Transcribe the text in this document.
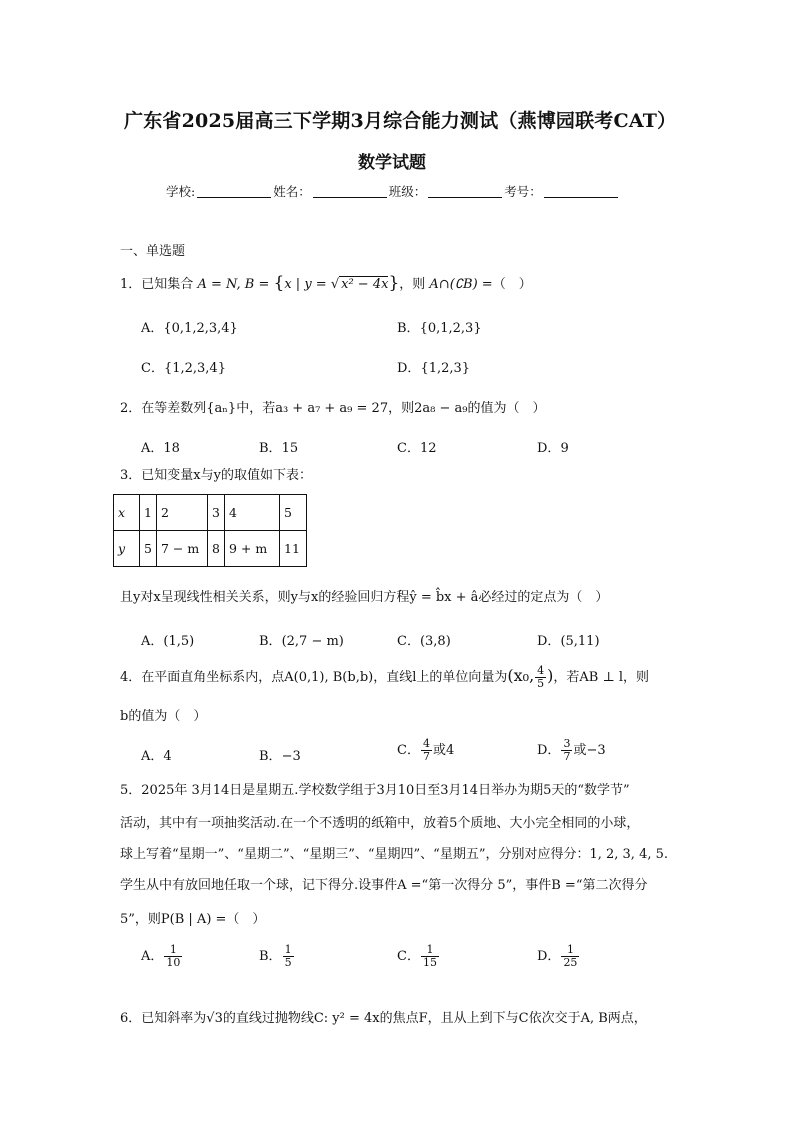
广东省2025届高三下学期3月综合能力测试（燕博园联考CAT）
数学试题
学校:	姓名：	班级：	考号：
一、单选题
1．已知集合 A = N, B = {x | y = √ x² − 4x}，则 A∩(∁B) =（　）
A．{0,1,2,3,4}	B．{0,1,2,3}
C．{1,2,3,4}	D．{1,2,3}
2．在等差数列{aₙ}中，若a₃ + a₇ + a₉ = 27，则2a₈ − a₉的值为（　）
A．18	B．15	C．12	D．9
3．已知变量x与y的取值如下表：
x	1	2	3	4	5
y	5	7 − m	8	9 + m	11
且y对x呈现线性相关关系，则y与x的经验回归方程ŷ = b̂x + â必经过的定点为（　）
A．(1,5)	B．(2,7 − m)	C．(3,8)	D．(5,11)
4．在平面直角坐标系内，点A(0,1), B(b,b)，直线l上的单位向量为(x₀, $\frac{4}{5}$ )，若AB ⊥ l，则
b的值为（　）
A．4	B．−3	C． $\frac{4}{7}$ 或4	D． $\frac{3}{7}$ 或−3
5．2025年 3月14日是星期五.学校数学组于3月10日至3月14日举办为期5天的“数学节”
活动，其中有一项抽奖活动.在一个不透明的纸箱中，放着5个质地、大小完全相同的小球，
球上写着“星期一”、“星期二”、“星期三”、“星期四”、“星期五”，分别对应得分：1, 2, 3, 4, 5.
学生从中有放回地任取一个球，记下得分.设事件A =“第一次得分 5”，事件B =“第二次得分
5”，则P(B | A) =（　）
A． $\frac{1}{10}$	B． $\frac{1}{5}$	C． $\frac{1}{15}$	D． $\frac{1}{25}$
6．已知斜率为√3的直线过抛物线C: y² = 4x的焦点F，且从上到下与C依次交于A, B两点，
